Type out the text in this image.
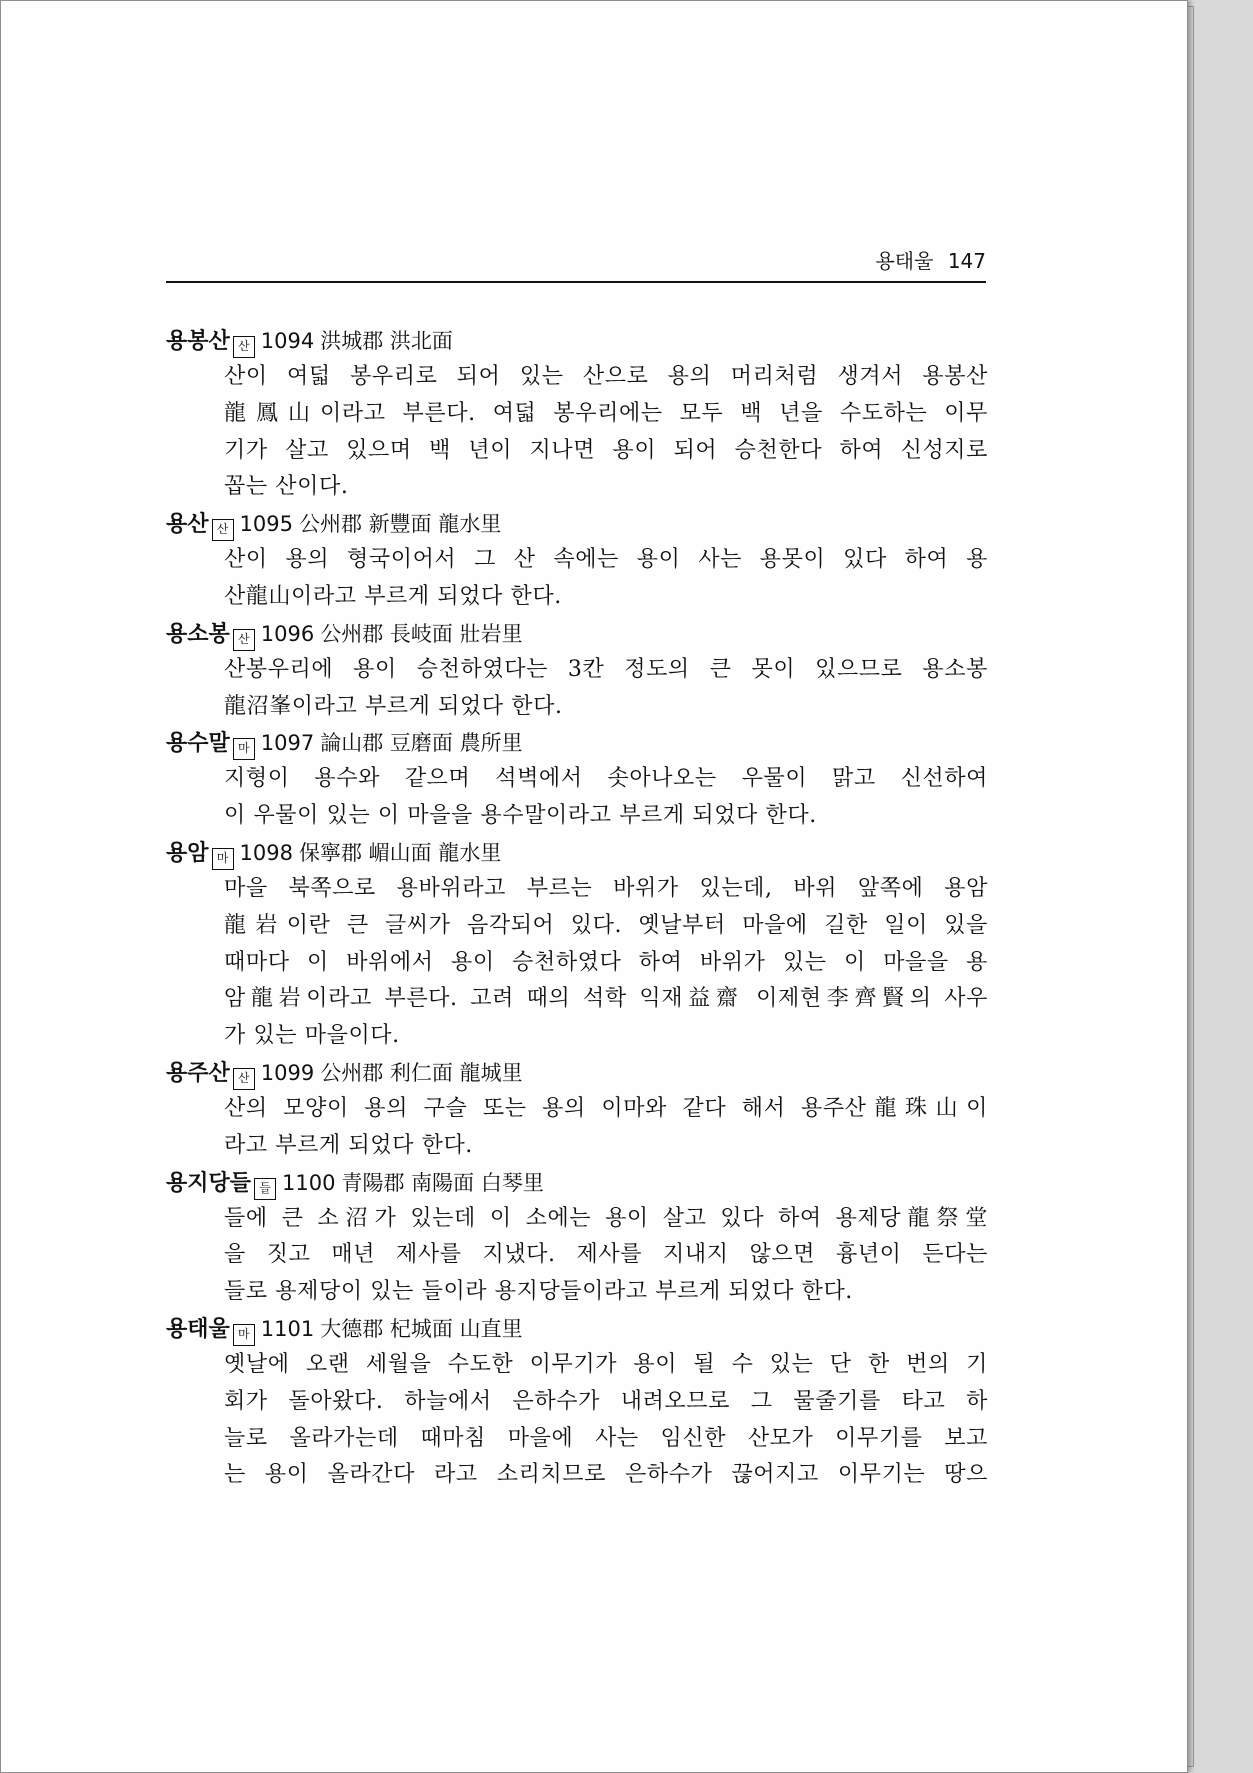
용태울 147
용봉산 산 1094 洪城郡 洪北面
산이 여덟 봉우리로 되어 있는 산으로 용의 머리처럼 생겨서 용봉산
龍鳳山이라고 부른다. 여덟 봉우리에는 모두 백 년을 수도하는 이무
기가 살고 있으며 백 년이 지나면 용이 되어 승천한다 하여 신성지로
꼽는 산이다.
용산 산 1095 公州郡 新豐面 龍水里
산이 용의 형국이어서 그 산 속에는 용이 사는 용못이 있다 하여 용
산龍山이라고 부르게 되었다 한다.
용소봉 산 1096 公州郡 長岐面 壯岩里
산봉우리에 용이 승천하였다는 3칸 정도의 큰 못이 있으므로 용소봉
龍沼峯이라고 부르게 되었다 한다.
용수말 마 1097 論山郡 豆磨面 農所里
지형이 용수와 같으며 석벽에서 솟아나오는 우물이 맑고 신선하여
이 우물이 있는 이 마을을 용수말이라고 부르게 되었다 한다.
용암 마 1098 保寧郡 嵋山面 龍水里
마을 북쪽으로 용바위라고 부르는 바위가 있는데, 바위 앞쪽에 용암
龍岩이란 큰 글씨가 음각되어 있다. 옛날부터 마을에 길한 일이 있을
때마다 이 바위에서 용이 승천하였다 하여 바위가 있는 이 마을을 용
암龍岩이라고 부른다. 고려 때의 석학 익재益齋 이제현李齊賢의 사우
가 있는 마을이다.
용주산 산 1099 公州郡 利仁面 龍城里
산의 모양이 용의 구슬 또는 용의 이마와 같다 해서 용주산龍珠山이
라고 부르게 되었다 한다.
용지당들 들 1100 青陽郡 南陽面 白琴里
들에 큰 소沼가 있는데 이 소에는 용이 살고 있다 하여 용제당龍祭堂
을 짓고 매년 제사를 지냈다. 제사를 지내지 않으면 흉년이 든다는
들로 용제당이 있는 들이라 용지당들이라고 부르게 되었다 한다.
용태울 마 1101 大德郡 杞城面 山直里
옛날에 오랜 세월을 수도한 이무기가 용이 될 수 있는 단 한 번의 기
회가 돌아왔다. 하늘에서 은하수가 내려오므로 그 물줄기를 타고 하
늘로 올라가는데 때마침 마을에 사는 임신한 산모가 이무기를 보고
는 용이 올라간다 라고 소리치므로 은하수가 끊어지고 이무기는 땅으
